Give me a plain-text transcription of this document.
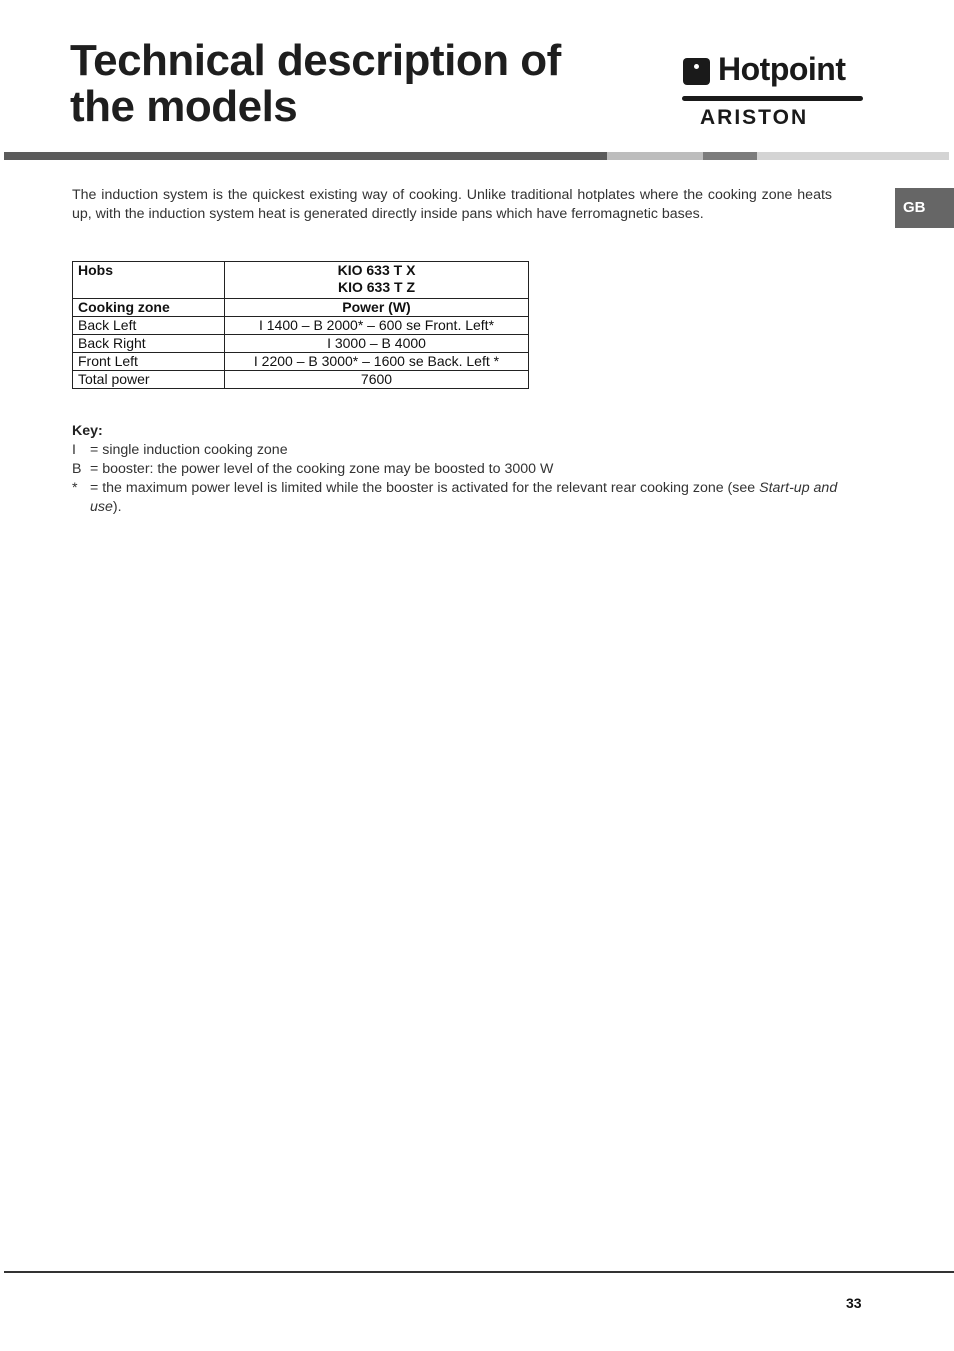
Technical description of
the models
Hotpoint
ARISTON
GB

The induction system is the quickest existing way of cooking. Unlike traditional hotplates where the cooking zone heats up, with the induction system heat is generated directly inside pans which have ferromagnetic bases.

Hobs	KIO 633 T X
KIO 633 T Z

Cooking zone	Power (W)
Back Left	I 1400 – B 2000* – 600 se Front. Left*
Back Right	I 3000 – B 4000
Front Left	I 2200 – B 3000* – 1600 se Back. Left *
Total power	7600
Key:
I = single induction cooking zone
B = booster: the power level of the cooking zone may be boosted to 3000 W
* = the maximum power level is limited while the booster is activated for the relevant rear cooking zone (see Start-up and use).
33
